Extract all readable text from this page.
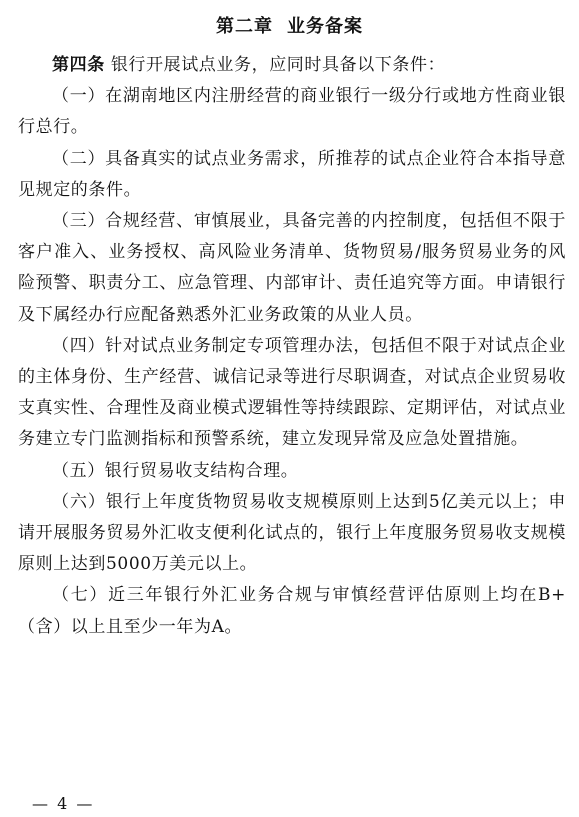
第二章 业务备案

第四条 银行开展试点业务，应同时具备以下条件：

（一）在湖南地区内注册经营的商业银行一级分行或地方性商业银行总行。

（二）具备真实的试点业务需求，所推荐的试点企业符合本指导意见规定的条件。

（三）合规经营、审慎展业，具备完善的内控制度，包括但不限于客户准入、业务授权、高风险业务清单、货物贸易/服务贸易业务的风险预警、职责分工、应急管理、内部审计、责任追究等方面。申请银行及下属经办行应配备熟悉外汇业务政策的从业人员。

（四）针对试点业务制定专项管理办法，包括但不限于对试点企业的主体身份、生产经营、诚信记录等进行尽职调查，对试点企业贸易收支真实性、合理性及商业模式逻辑性等持续跟踪、定期评估，对试点业务建立专门监测指标和预警系统，建立发现异常及应急处置措施。

（五）银行贸易收支结构合理。

（六）银行上年度货物贸易收支规模原则上达到5亿美元以上；申请开展服务贸易外汇收支便利化试点的，银行上年度服务贸易收支规模原则上达到5000万美元以上。

（七）近三年银行外汇业务合规与审慎经营评估原则上均在B+（含）以上且至少一年为A。

— 4 —
